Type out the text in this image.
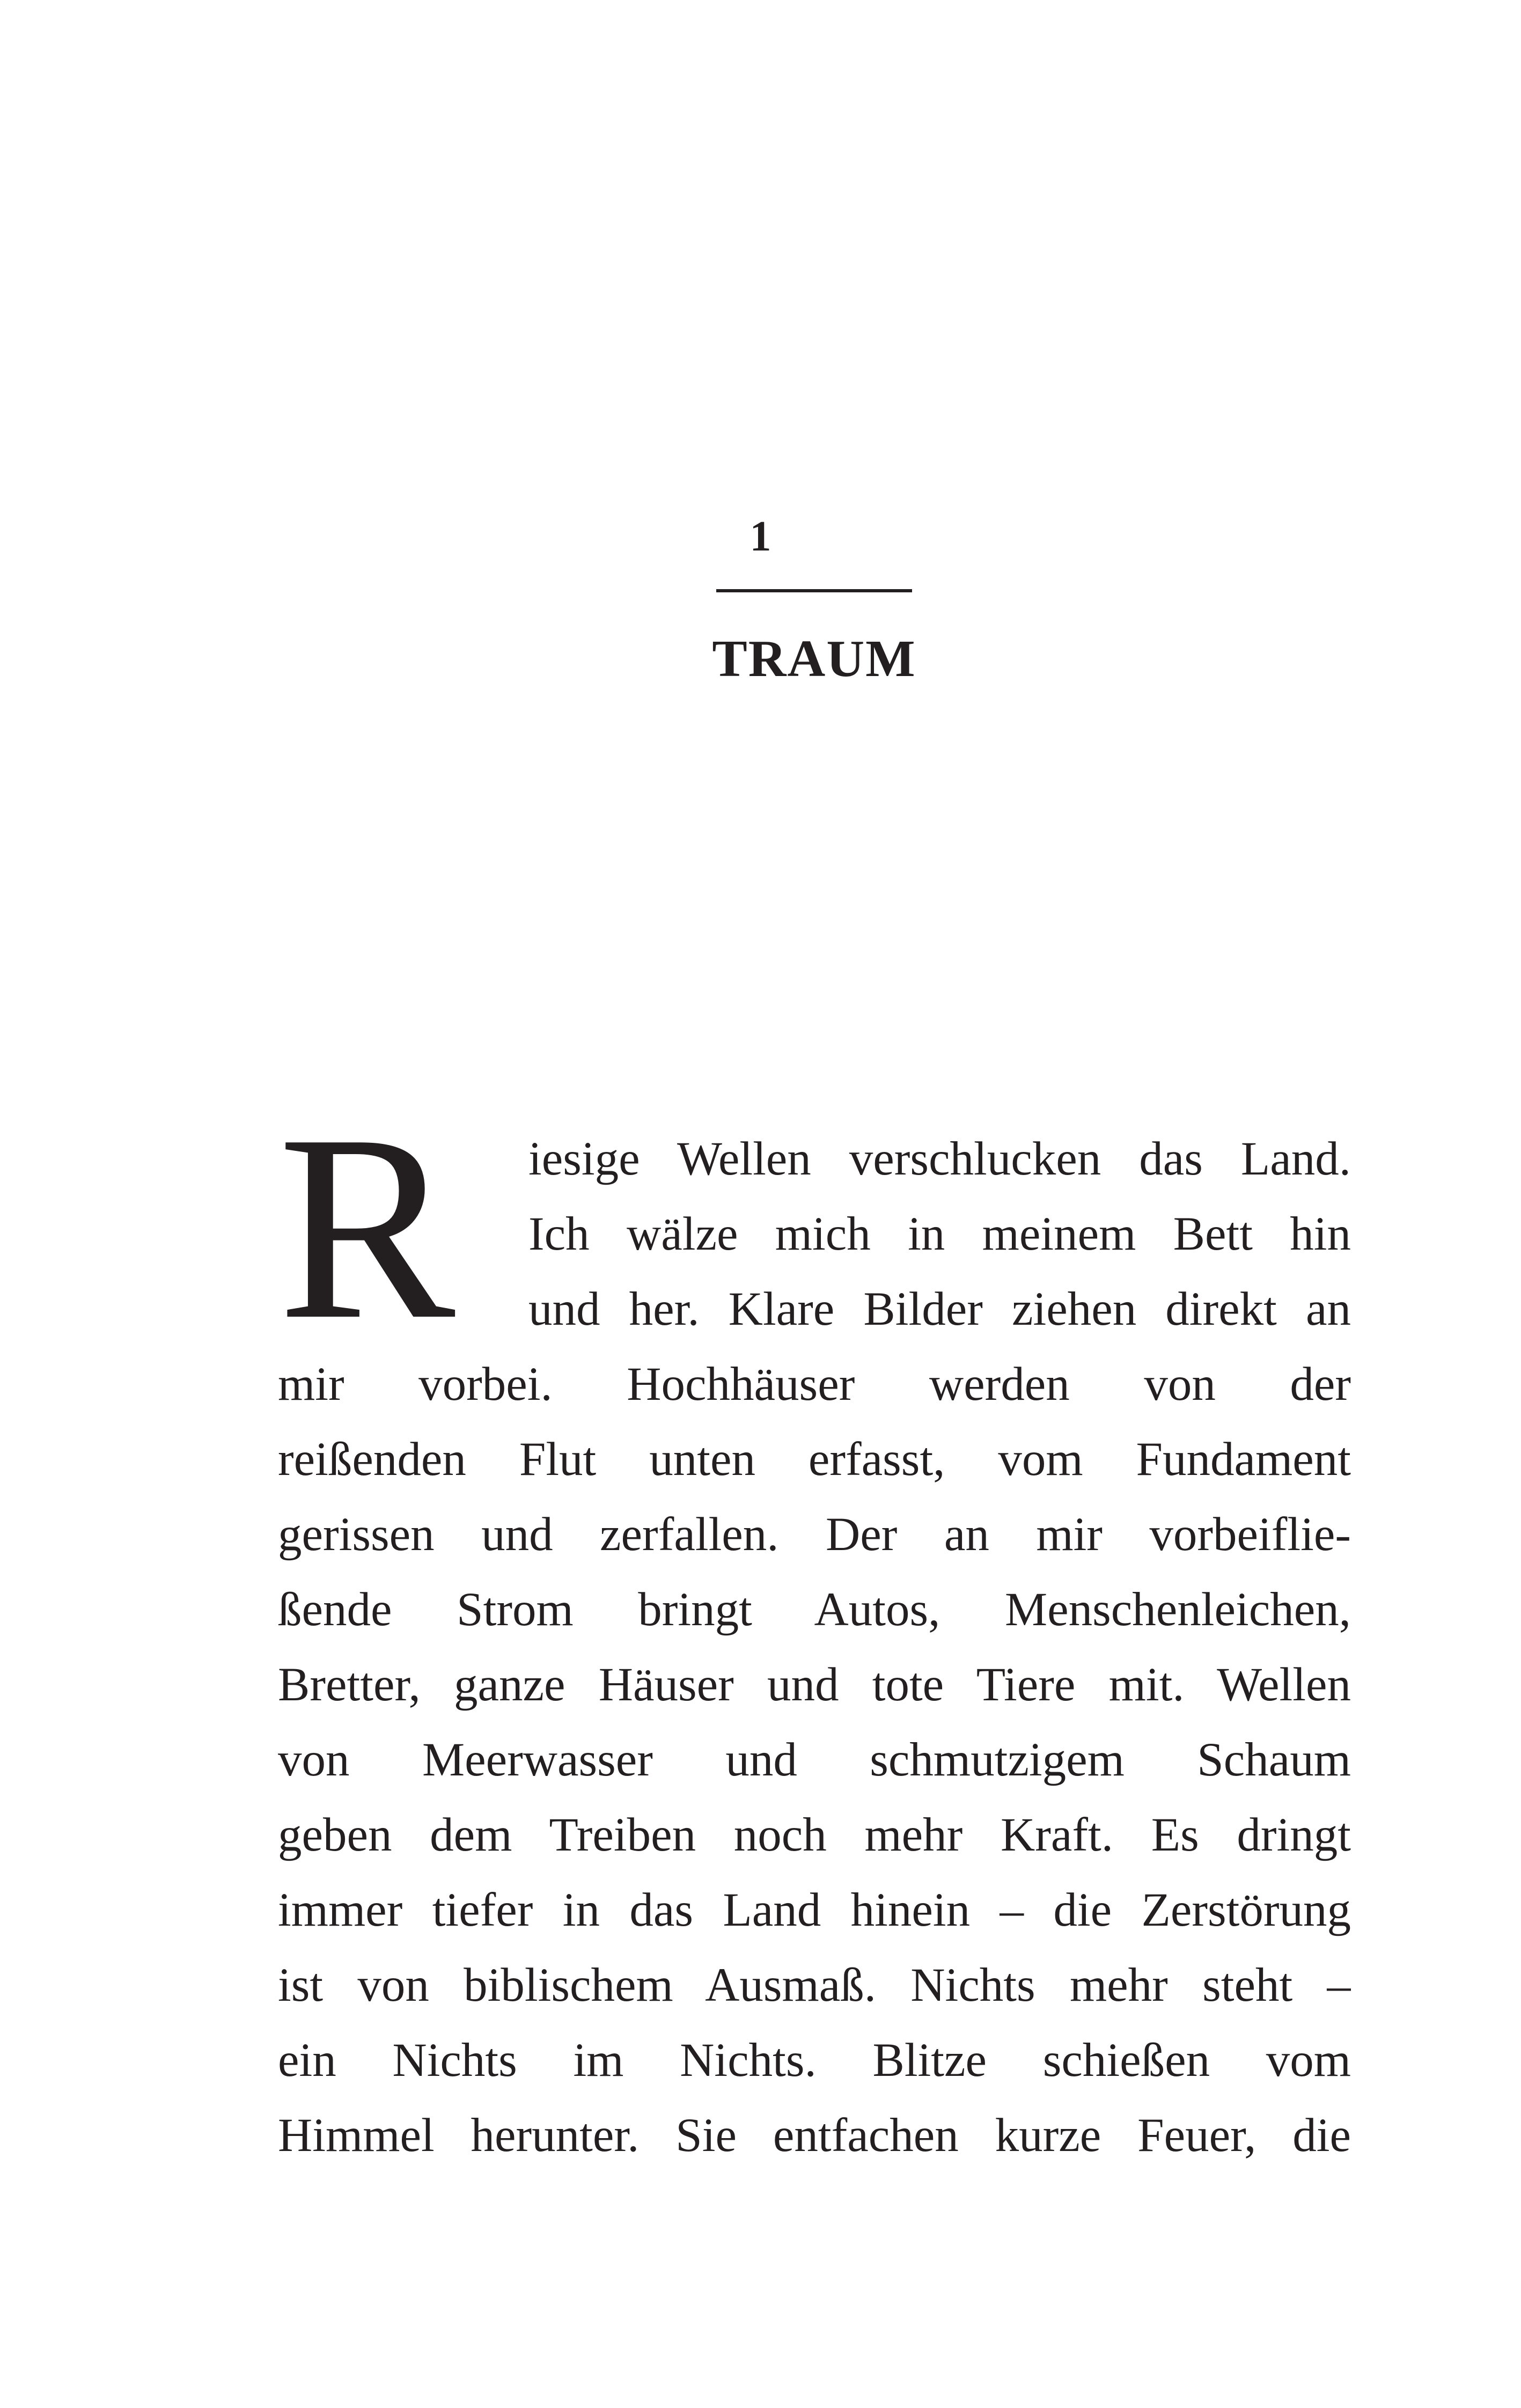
1
TRAUM
R iesige Wellen verschlucken das Land.
Ich wälze mich in meinem Bett hin
und her. Klare Bilder ziehen direkt an
mir vorbei. Hochhäuser werden von der
reißenden Flut unten erfasst, vom Fundament
gerissen und zerfallen. Der an mir vorbeiflie-
ßende Strom bringt Autos, Menschenleichen,
Bretter, ganze Häuser und tote Tiere mit. Wellen
von Meerwasser und schmutzigem Schaum
geben dem Treiben noch mehr Kraft. Es dringt
immer tiefer in das Land hinein – die Zerstörung
ist von biblischem Ausmaß. Nichts mehr steht –
ein Nichts im Nichts. Blitze schießen vom
Himmel herunter. Sie entfachen kurze Feuer, die
